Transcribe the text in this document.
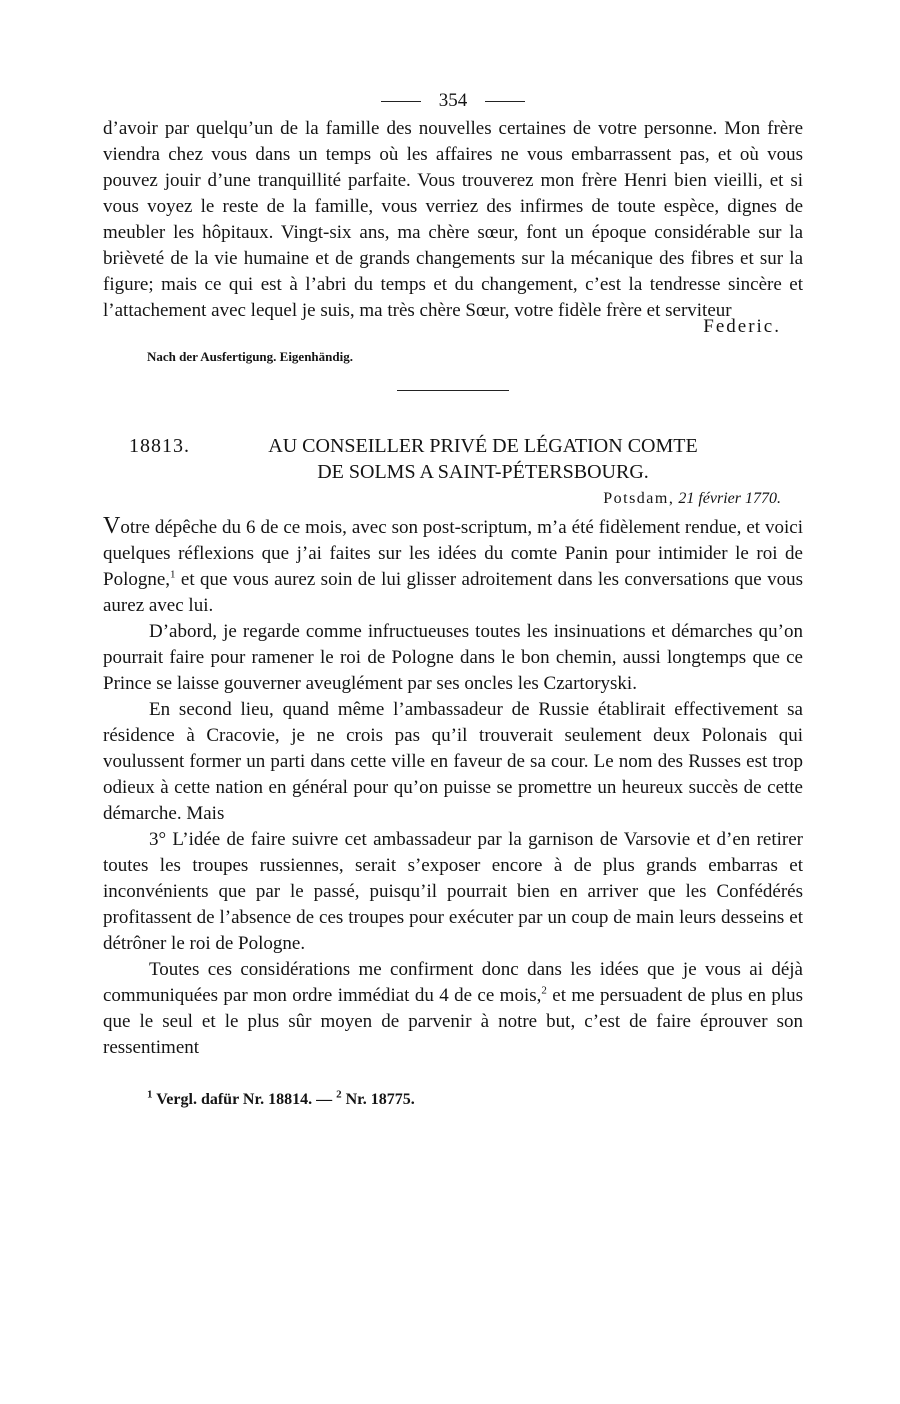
354

d’avoir par quelqu’un de la famille des nouvelles certaines de votre personne. Mon frère viendra chez vous dans un temps où les affaires ne vous embarrassent pas, et où vous pouvez jouir d’une tranquillité parfaite. Vous trouverez mon frère Henri bien vieilli, et si vous voyez le reste de la famille, vous verriez des infirmes de toute espèce, dignes de meubler les hôpitaux. Vingt-six ans, ma chère sœur, font un époque considérable sur la brièveté de la vie humaine et de grands changements sur la mécanique des fibres et sur la figure; mais ce qui est à l’abri du temps et du changement, c’est la tendresse sincère et l’attachement avec lequel je suis, ma très chère Sœur, votre fidèle frère et serviteur

Federic.
Nach der Ausfertigung. Eigenhändig.
18813.	AU CONSEILLER PRIVÉ DE LÉGATION COMTE
DE SOLMS A SAINT-PÉTERSBOURG.
Potsdam, 21 février 1770.

Votre dépêche du 6 de ce mois, avec son post-scriptum, m’a été fidèlement rendue, et voici quelques réflexions que j’ai faites sur les idées du comte Panin pour intimider le roi de Pologne,$^1$ et que vous aurez soin de lui glisser adroitement dans les conversations que vous aurez avec lui.

D’abord, je regarde comme infructueuses toutes les insinuations et démarches qu’on pourrait faire pour ramener le roi de Pologne dans le bon chemin, aussi longtemps que ce Prince se laisse gouverner aveuglément par ses oncles les Czartoryski.

En second lieu, quand même l’ambassadeur de Russie établirait effectivement sa résidence à Cracovie, je ne crois pas qu’il trouverait seulement deux Polonais qui voulussent former un parti dans cette ville en faveur de sa cour. Le nom des Russes est trop odieux à cette nation en général pour qu’on puisse se promettre un heureux succès de cette démarche. Mais

3° L’idée de faire suivre cet ambassadeur par la garnison de Varsovie et d’en retirer toutes les troupes russiennes, serait s’exposer encore à de plus grands embarras et inconvénients que par le passé, puisqu’il pourrait bien en arriver que les Confédérés profitassent de l’absence de ces troupes pour exécuter par un coup de main leurs desseins et détrôner le roi de Pologne.

Toutes ces considérations me confirment donc dans les idées que je vous ai déjà communiquées par mon ordre immédiat du 4 de ce mois,$^2$ et me persuadent de plus en plus que le seul et le plus sûr moyen de parvenir à notre but, c’est de faire éprouver son ressentiment

$^1$ Vergl. dafür Nr. 18814. — $^2$ Nr. 18775.
